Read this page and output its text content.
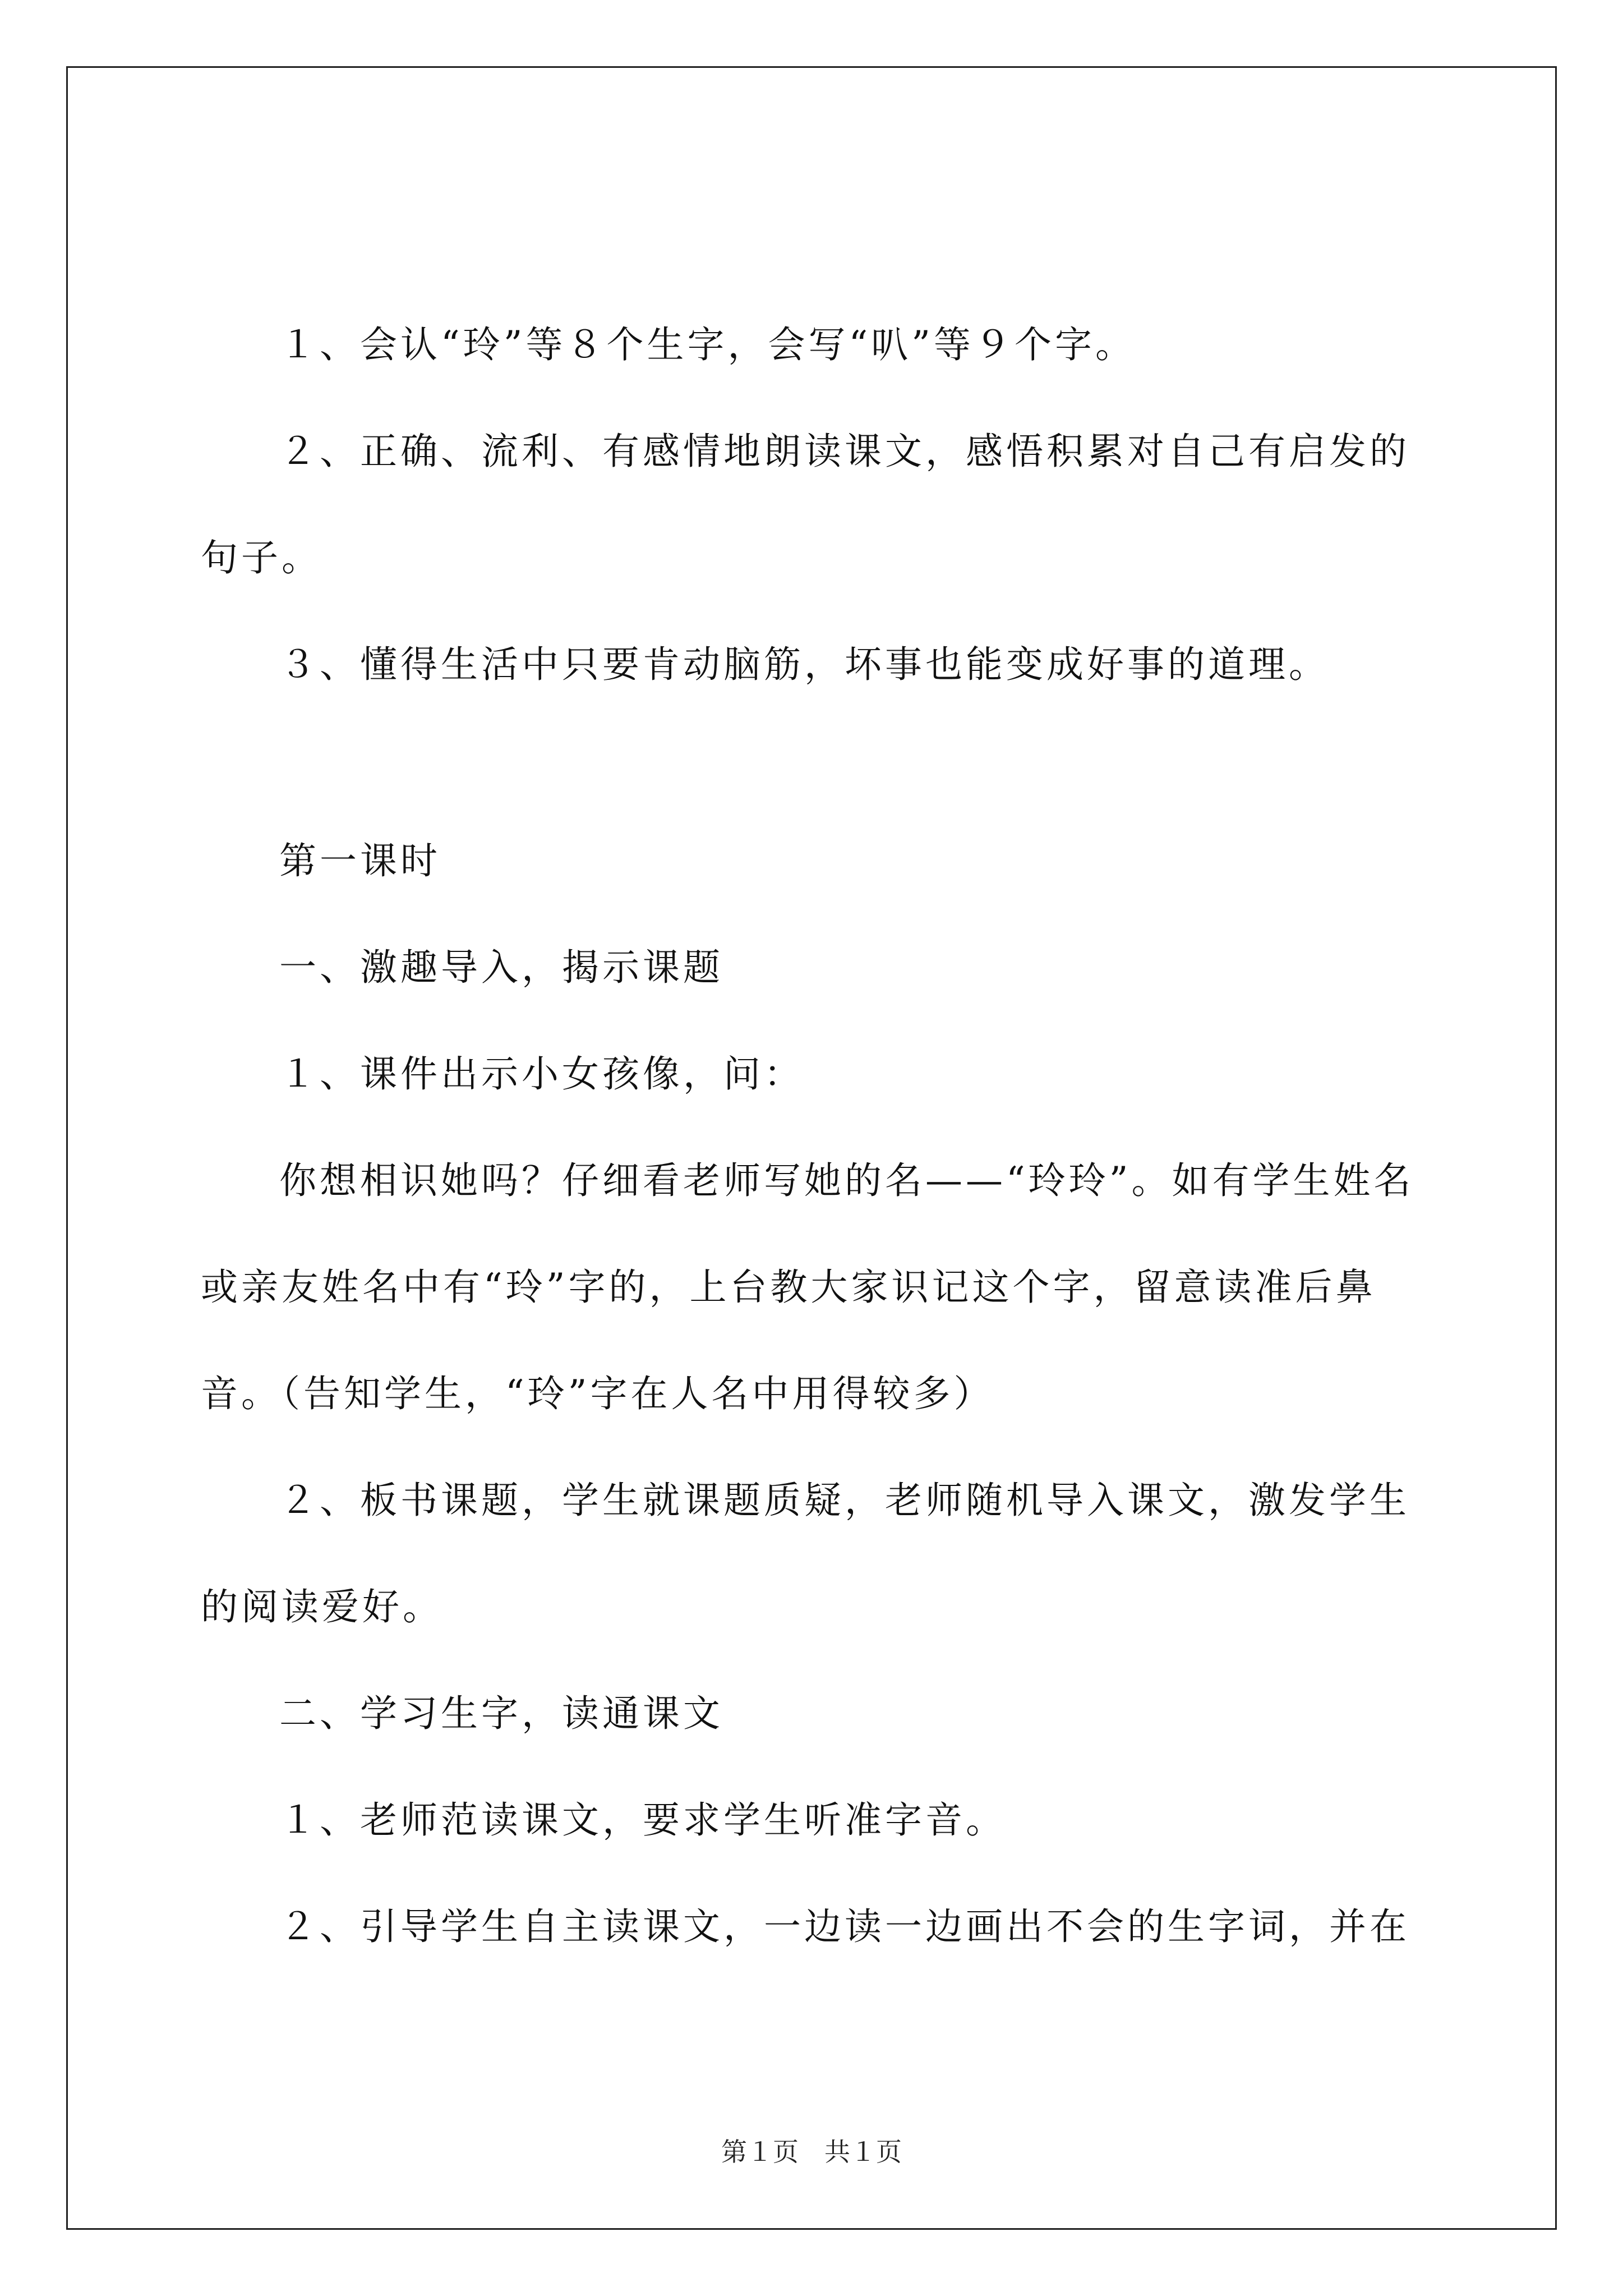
１、会认“玲”等８个生字，会写“叭”等９个字。

２、正确、流利、有感情地朗读课文，感悟积累对自己有启发的句子。

３、懂得生活中只要肯动脑筋，坏事也能变成好事的道理。

第一课时

一、激趣导入，揭示课题

１、课件出示小女孩像，问：

你想相识她吗？仔细看老师写她的名——“玲玲”。如有学生姓名或亲友姓名中有“玲”字的，上台教大家识记这个字，留意读准后鼻音。（告知学生，“玲”字在人名中用得较多）

２、板书课题，学生就课题质疑，老师随机导入课文，激发学生的阅读爱好。

二、学习生字，读通课文

１、老师范读课文，要求学生听准字音。

２、引导学生自主读课文，一边读一边画出不会的生字词，并在

第１页　共１页
